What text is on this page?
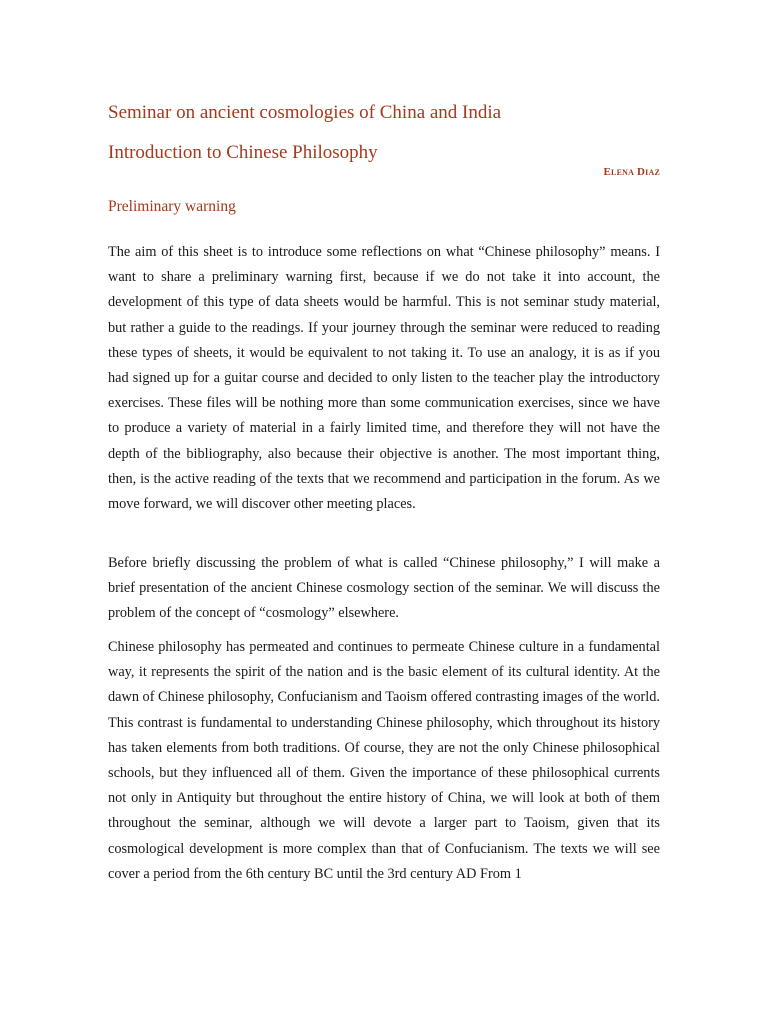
Seminar on ancient cosmologies of China and India
Introduction to Chinese Philosophy
Elena Diaz
Preliminary warning

The aim of this sheet is to introduce some reflections on what “Chinese philosophy” means. I want to share a preliminary warning first, because if we do not take it into account, the development of this type of data sheets would be harmful. This is not seminar study material, but rather a guide to the readings. If your journey through the seminar were reduced to reading these types of sheets, it would be equivalent to not taking it. To use an analogy, it is as if you had signed up for a guitar course and decided to only listen to the teacher play the introductory exercises. These files will be nothing more than some communication exercises, since we have to produce a variety of material in a fairly limited time, and therefore they will not have the depth of the bibliography, also because their objective is another. The most important thing, then, is the active reading of the texts that we recommend and participation in the forum. As we move forward, we will discover other meeting places.

Before briefly discussing the problem of what is called “Chinese philosophy,” I will make a brief presentation of the ancient Chinese cosmology section of the seminar. We will discuss the problem of the concept of “cosmology” elsewhere.

Chinese philosophy has permeated and continues to permeate Chinese culture in a fundamental way, it represents the spirit of the nation and is the basic element of its cultural identity. At the dawn of Chinese philosophy, Confucianism and Taoism offered contrasting images of the world. This contrast is fundamental to understanding Chinese philosophy, which throughout its history has taken elements from both traditions. Of course, they are not the only Chinese philosophical schools, but they influenced all of them. Given the importance of these philosophical currents not only in Antiquity but throughout the entire history of China, we will look at both of them throughout the seminar, although we will devote a larger part to Taoism, given that its cosmological development is more complex than that of Confucianism. The texts we will see cover a period from the 6th century BC until the 3rd century AD From 1
